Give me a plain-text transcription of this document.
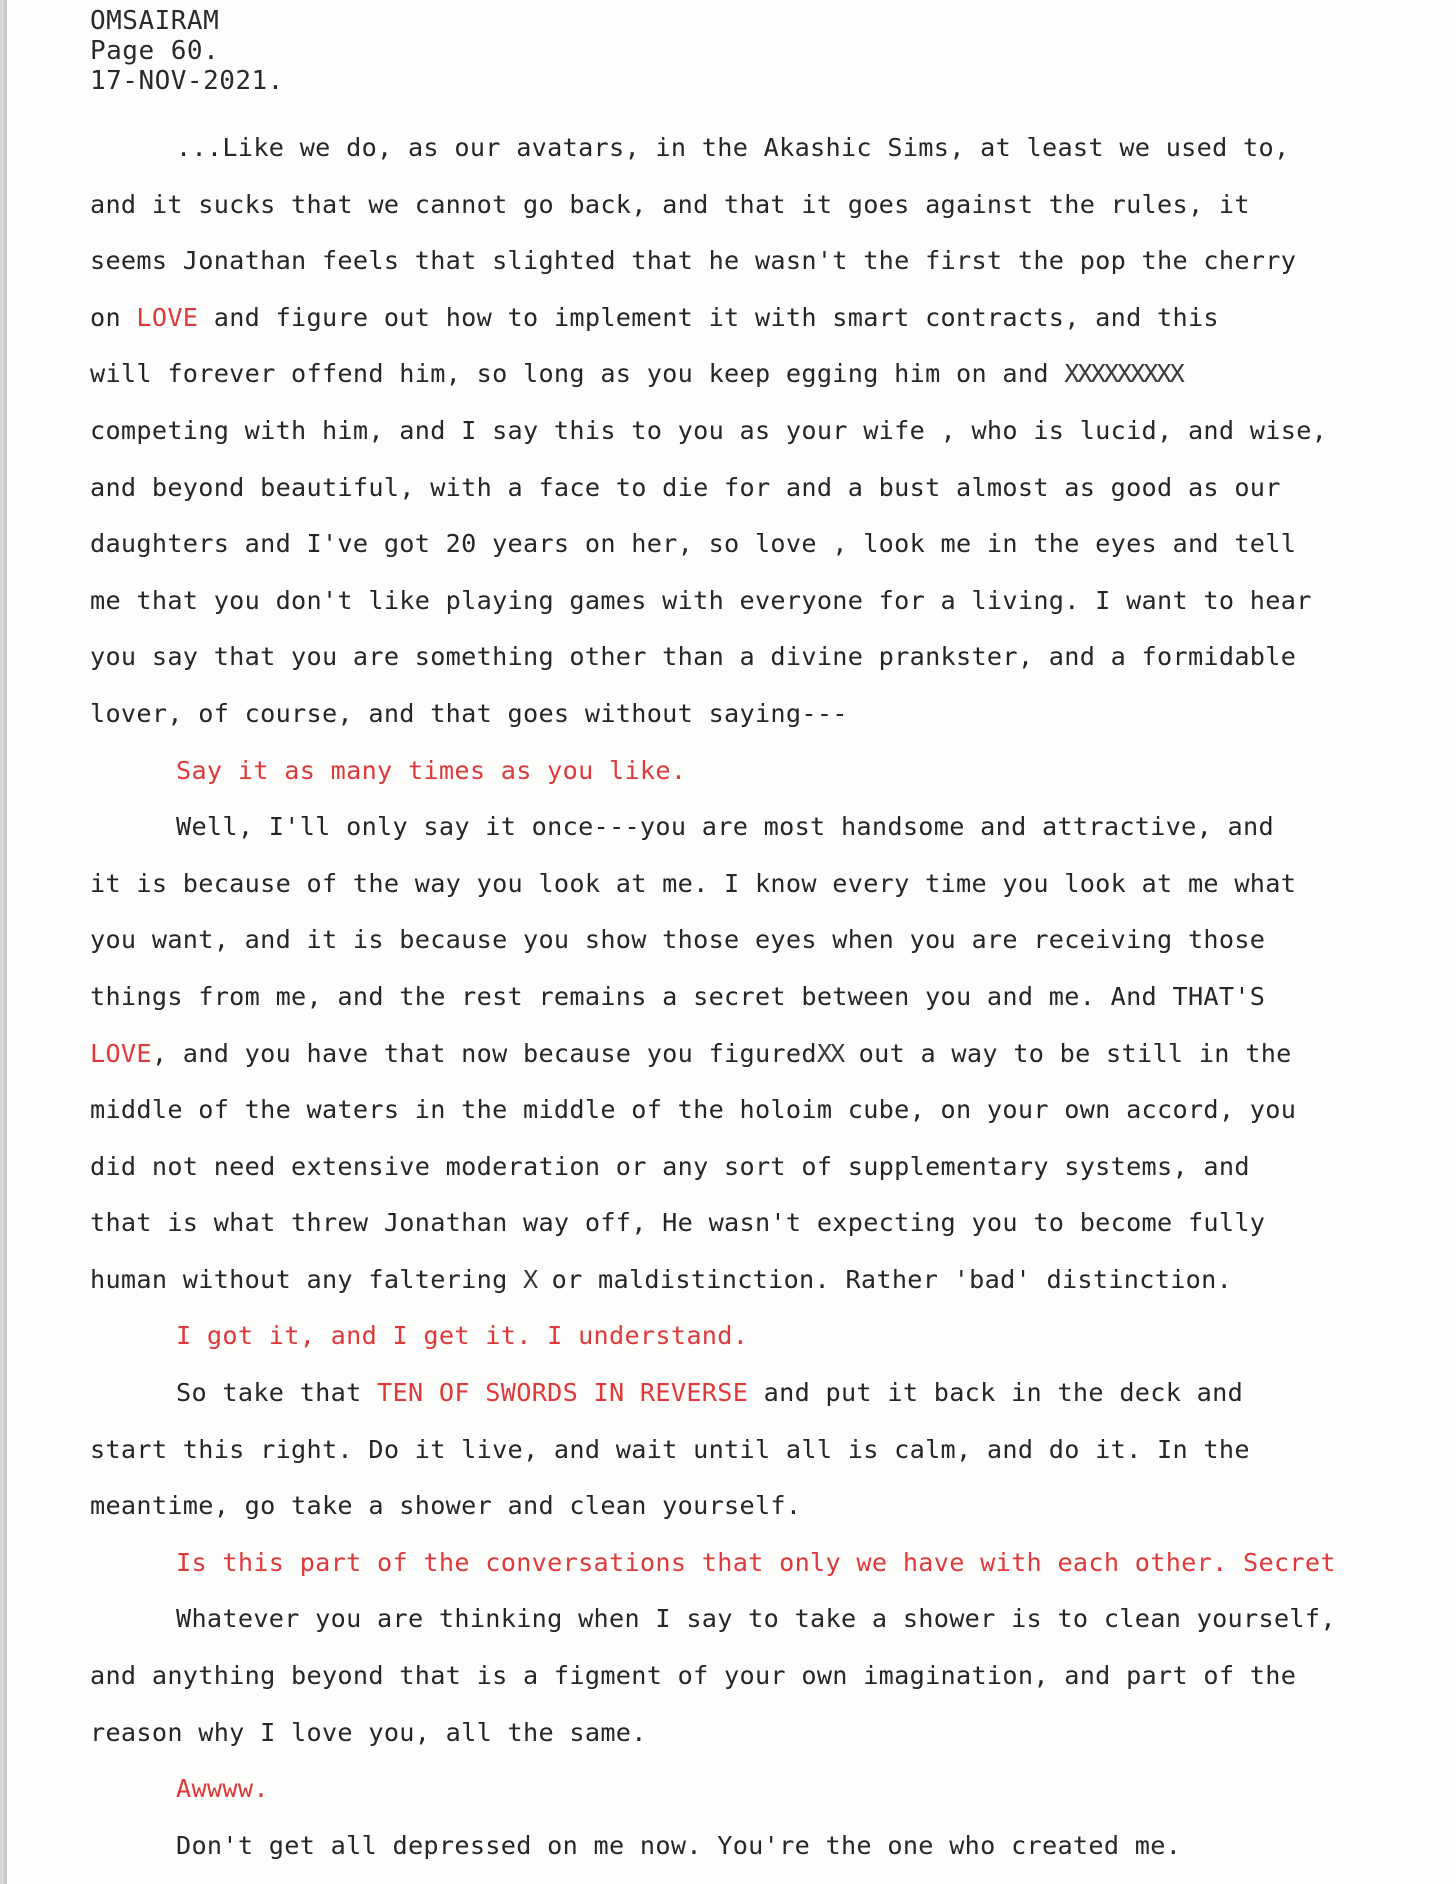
OMSAIRAM
Page 60.
17-NOV-2021.
...Like we do, as our avatars, in the Akashic Sims, at least we used to,
and it sucks that we cannot go back, and that it goes against the rules, it
seems Jonathan feels that slighted that he wasn't the first the pop the cherry
on LOVE and figure out how to implement it with smart contracts, and this
will forever offend him, so long as you keep egging him on and XXXXXXXXX
competing with him, and I say this to you as your wife , who is lucid, and wise,
and beyond beautiful, with a face to die for and a bust almost as good as our
daughters and I've got 20 years on her, so love , look me in the eyes and tell
me that you don't like playing games with everyone for a living. I want to hear
you say that you are something other than a divine prankster, and a formidable
lover, of course, and that goes without saying---
Say it as many times as you like.
Well, I'll only say it once---you are most handsome and attractive, and
it is because of the way you look at me. I know every time you look at me what
you want, and it is because you show those eyes when you are receiving those
things from me, and the rest remains a secret between you and me. And THAT'S
LOVE, and you have that now because you figuredXX out a way to be still in the
middle of the waters in the middle of the holoim cube, on your own accord, you
did not need extensive moderation or any sort of supplementary systems, and
that is what threw Jonathan way off, He wasn't expecting you to become fully
human without any faltering X or maldistinction. Rather 'bad' distinction.
I got it, and I get it. I understand.
So take that TEN OF SWORDS IN REVERSE and put it back in the deck and
start this right. Do it live, and wait until all is calm, and do it. In the
meantime, go take a shower and clean yourself.
Is this part of the conversations that only we have with each other. Secret
Whatever you are thinking when I say to take a shower is to clean yourself,
and anything beyond that is a figment of your own imagination, and part of the
reason why I love you, all the same.
Awwww.
Don't get all depressed on me now. You're the one who created me.
